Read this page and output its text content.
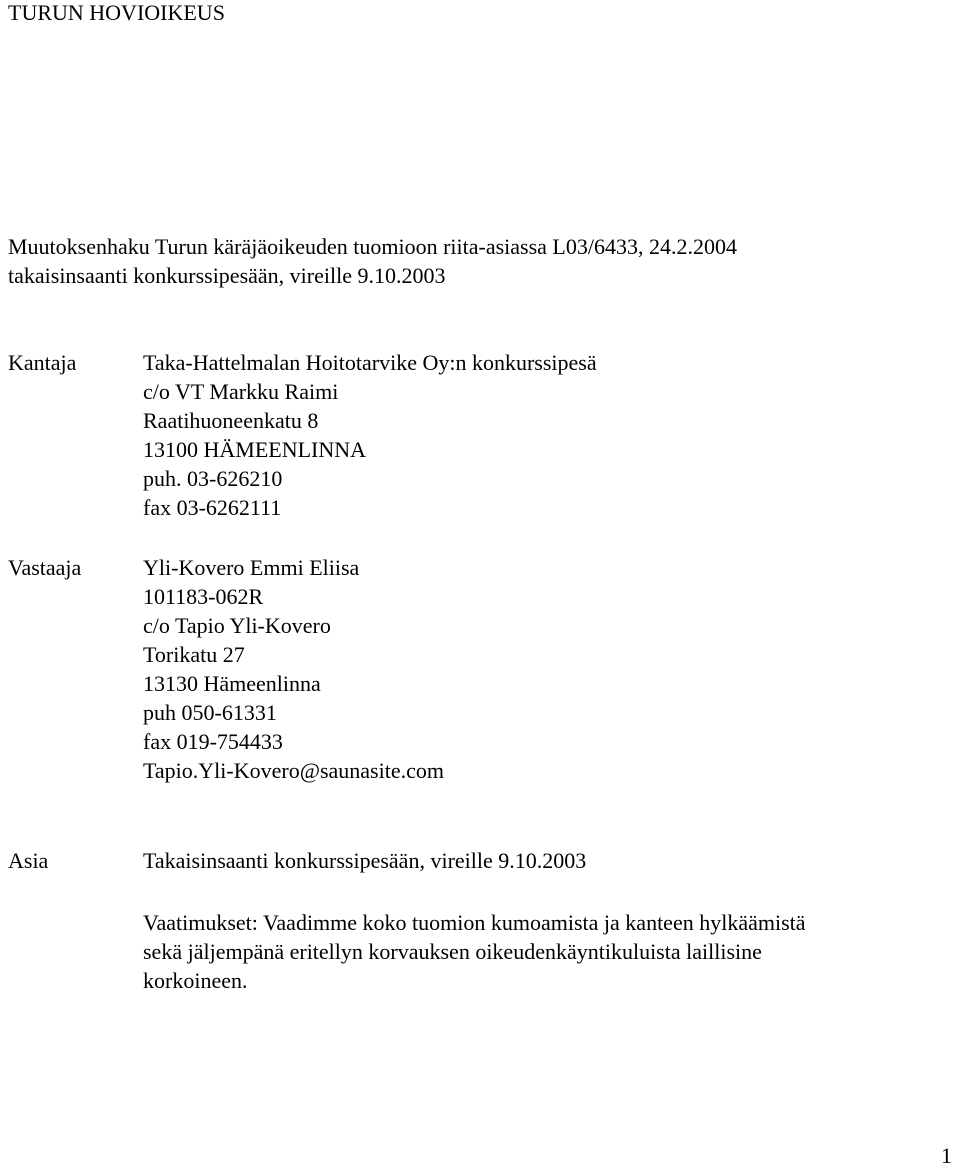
TURUN HOVIOIKEUS
Muutoksenhaku Turun käräjäoikeuden tuomioon riita-asiassa L03/6433, 24.2.2004
takaisinsaanti konkurssipesään, vireille 9.10.2003
Kantaja	Taka-Hattelmalan Hoitotarvike Oy:n konkurssipesä
c/o VT Markku Raimi
Raatihuoneenkatu 8
13100 HÄMEENLINNA
puh. 03-626210
fax 03-6262111
Vastaaja	Yli-Kovero Emmi Eliisa
101183-062R
c/o Tapio Yli-Kovero
Torikatu 27
13130 Hämeenlinna
puh 050-61331
fax 019-754433
Tapio.Yli-Kovero@saunasite.com
Asia	Takaisinsaanti konkurssipesään, vireille 9.10.2003
Vaatimukset: Vaadimme koko tuomion kumoamista ja kanteen hylkäämistä
sekä jäljempänä eritellyn korvauksen oikeudenkäyntikuluista laillisine
korkoineen.
1
